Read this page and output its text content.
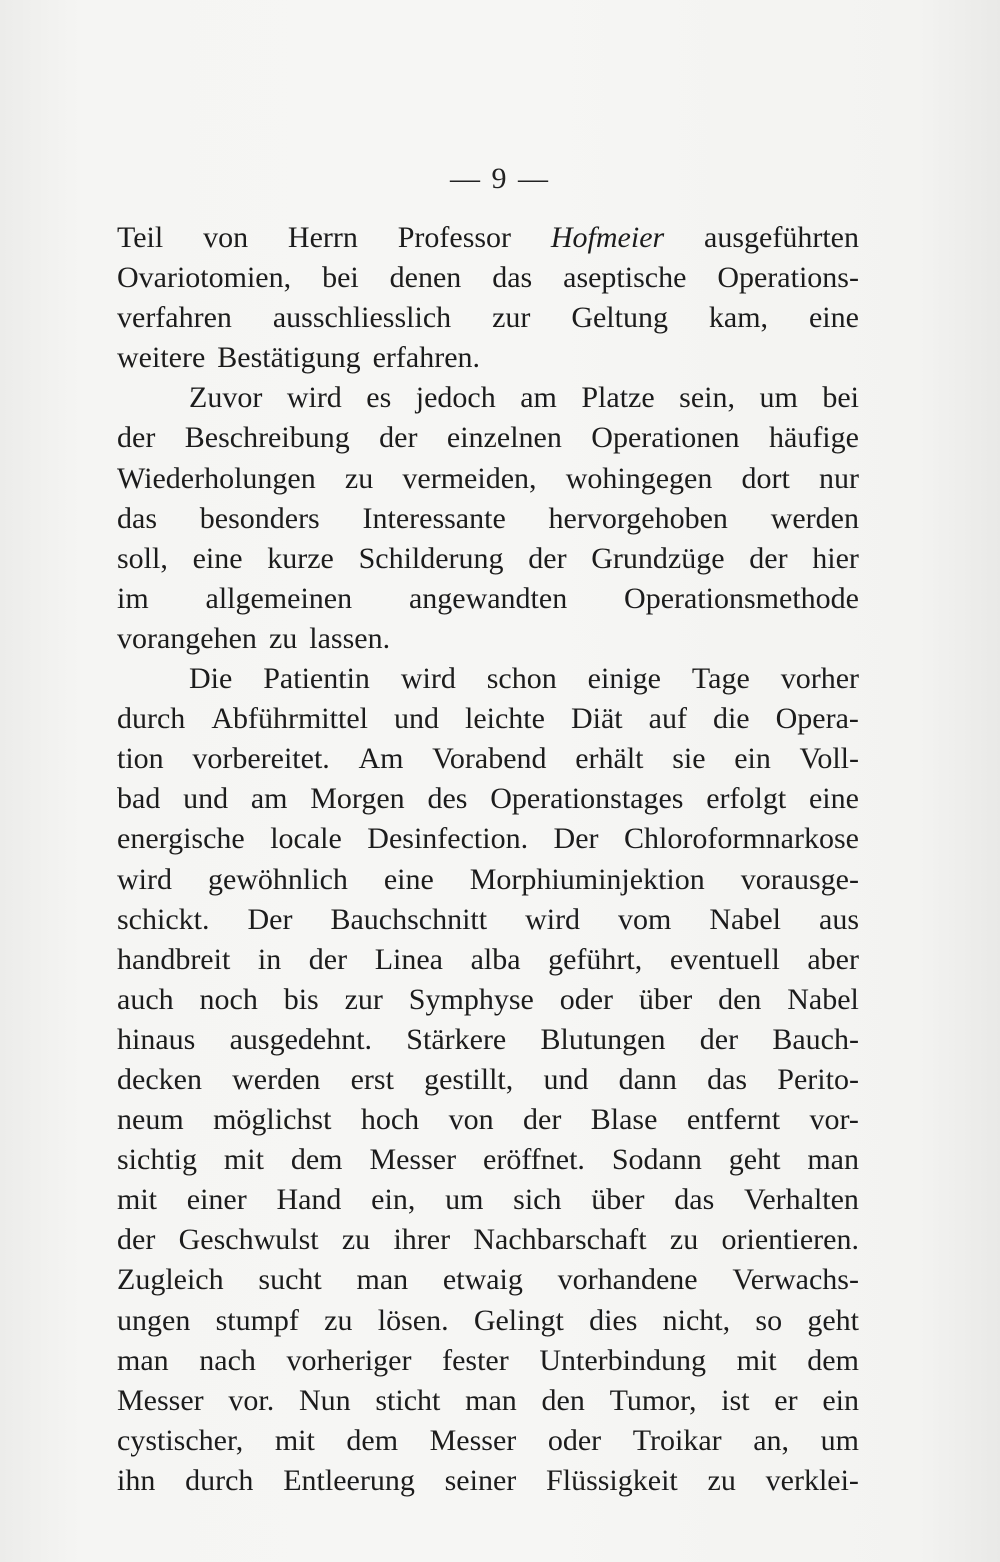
— 9 —
Teil von Herrn Professor Hofmeier ausgeführten
Ovariotomien, bei denen das aseptische Operations-
verfahren ausschliesslich zur Geltung kam, eine
weitere Bestätigung erfahren.
Zuvor wird es jedoch am Platze sein, um bei
der Beschreibung der einzelnen Operationen häufige
Wiederholungen zu vermeiden, wohingegen dort nur
das besonders Interessante hervorgehoben werden
soll, eine kurze Schilderung der Grundzüge der hier
im allgemeinen angewandten Operationsmethode
vorangehen zu lassen.
Die Patientin wird schon einige Tage vorher
durch Abführmittel und leichte Diät auf die Opera-
tion vorbereitet. Am Vorabend erhält sie ein Voll-
bad und am Morgen des Operationstages erfolgt eine
energische locale Desinfection. Der Chloroformnarkose
wird gewöhnlich eine Morphiuminjektion vorausge-
schickt. Der Bauchschnitt wird vom Nabel aus
handbreit in der Linea alba geführt, eventuell aber
auch noch bis zur Symphyse oder über den Nabel
hinaus ausgedehnt. Stärkere Blutungen der Bauch-
decken werden erst gestillt, und dann das Perito-
neum möglichst hoch von der Blase entfernt vor-
sichtig mit dem Messer eröffnet. Sodann geht man
mit einer Hand ein, um sich über das Verhalten
der Geschwulst zu ihrer Nachbarschaft zu orientieren.
Zugleich sucht man etwaig vorhandene Verwachs-
ungen stumpf zu lösen. Gelingt dies nicht, so geht
man nach vorheriger fester Unterbindung mit dem
Messer vor. Nun sticht man den Tumor, ist er ein
cystischer, mit dem Messer oder Troikar an, um
ihn durch Entleerung seiner Flüssigkeit zu verklei-
